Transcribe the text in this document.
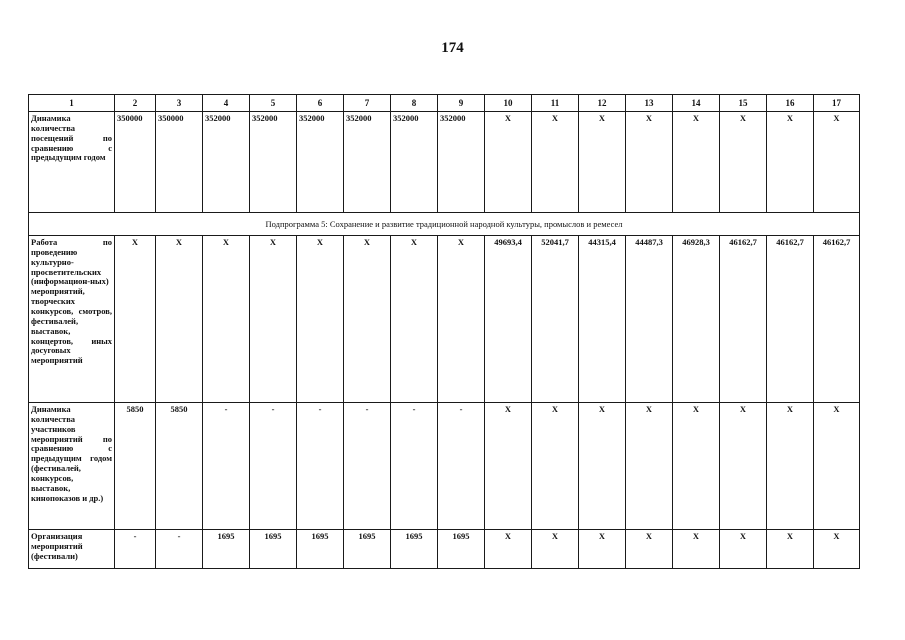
174
1	2	3	4	5	6	7	8	9	10	11	12	13	14	15	16	17
Динамика количества посещений по сравнению с предыдущим годом	350000	350000	352000	352000	352000	352000	352000	352000	X	X	X	X	X	X	X	X
Подпрограмма 5: Сохранение и развитие традиционной народной культуры, промыслов и ремесел																
Работа по проведению культурно-просветительских (информацион-ных) мероприятий, творческих конкурсов, смотров, фестивалей, выставок, концертов, иных досуговых мероприятий	X	X	X	X	X	X	X	X	49693,4	52041,7	44315,4	44487,3	46928,3	46162,7	46162,7	46162,7
Динамика количества участников мероприятий по сравнению с предыдущим годом (фестивалей, конкурсов, выставок, кинопоказов и др.)	5850	5850	-	-	-	-	-	-	X	X	X	X	X	X	X	X
Организация мероприятий (фестивали)	-	-	1695	1695	1695	1695	1695	1695	X	X	X	X	X	X	X	X
